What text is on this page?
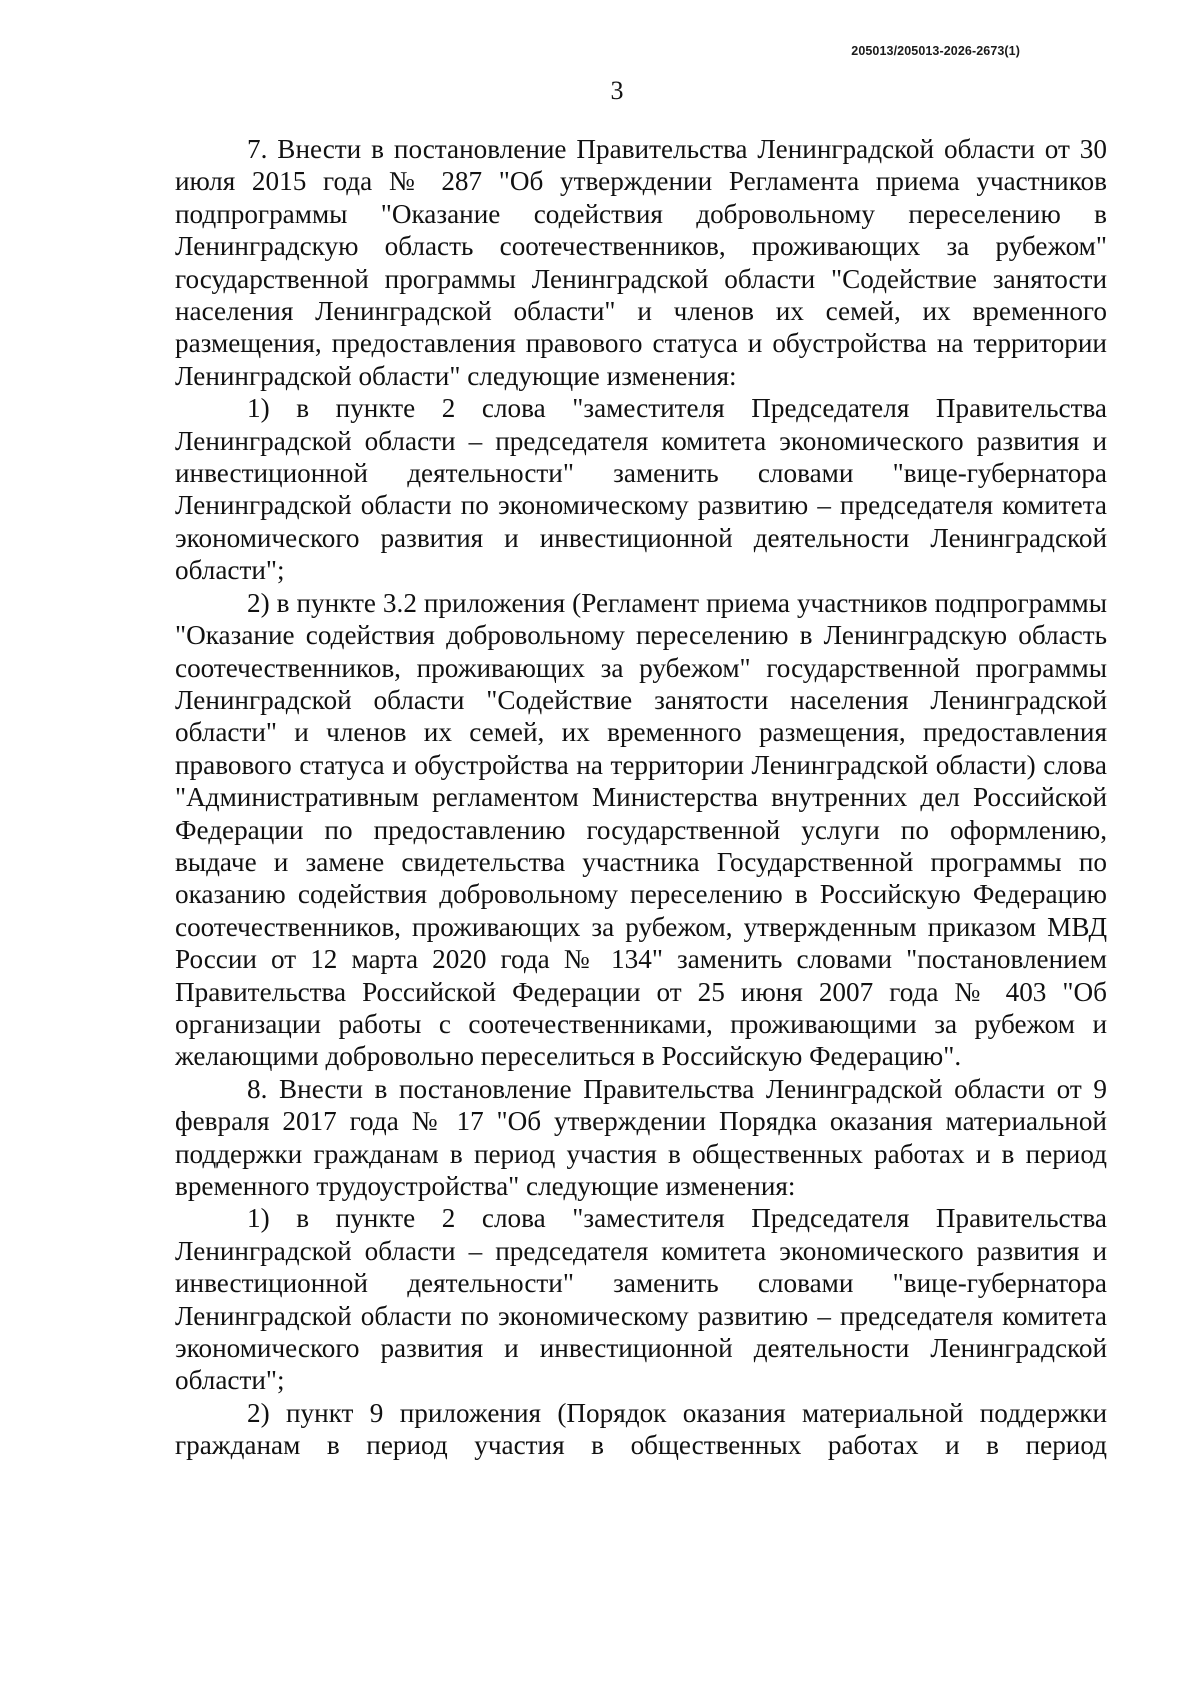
205013/205013-2026-2673(1)
3

7. Внести в постановление Правительства Ленинградской области от 30 июля 2015 года № 287 "Об утверждении Регламента приема участников подпрограммы "Оказание содействия добровольному переселению в Ленинградскую область соотечественников, проживающих за рубежом" государственной программы Ленинградской области "Содействие занятости населения Ленинградской области" и членов их семей, их временного размещения, предоставления правового статуса и обустройства на территории Ленинградской области" следующие изменения:

1) в пункте 2 слова "заместителя Председателя Правительства Ленинградской области – председателя комитета экономического развития и инвестиционной деятельности" заменить словами "вице-губернатора Ленинградской области по экономическому развитию – председателя комитета экономического развития и инвестиционной деятельности Ленинградской области";

2) в пункте 3.2 приложения (Регламент приема участников подпрограммы "Оказание содействия добровольному переселению в Ленинградскую область соотечественников, проживающих за рубежом" государственной программы Ленинградской области "Содействие занятости населения Ленинградской области" и членов их семей, их временного размещения, предоставления правового статуса и обустройства на территории Ленинградской области) слова "Административным регламентом Министерства внутренних дел Российской Федерации по предоставлению государственной услуги по оформлению, выдаче и замене свидетельства участника Государственной программы по оказанию содействия добровольному переселению в Российскую Федерацию соотечественников, проживающих за рубежом, утвержденным приказом МВД России от 12 марта 2020 года № 134" заменить словами "постановлением Правительства Российской Федерации от 25 июня 2007 года № 403 "Об организации работы с соотечественниками, проживающими за рубежом и желающими добровольно переселиться в Российскую Федерацию".

8. Внести в постановление Правительства Ленинградской области от 9 февраля 2017 года № 17 "Об утверждении Порядка оказания материальной поддержки гражданам в период участия в общественных работах и в период временного трудоустройства" следующие изменения:

1) в пункте 2 слова "заместителя Председателя Правительства Ленинградской области – председателя комитета экономического развития и инвестиционной деятельности" заменить словами "вице-губернатора Ленинградской области по экономическому развитию – председателя комитета экономического развития и инвестиционной деятельности Ленинградской области";

2) пункт 9 приложения (Порядок оказания материальной поддержки гражданам в период участия в общественных работах и в период
